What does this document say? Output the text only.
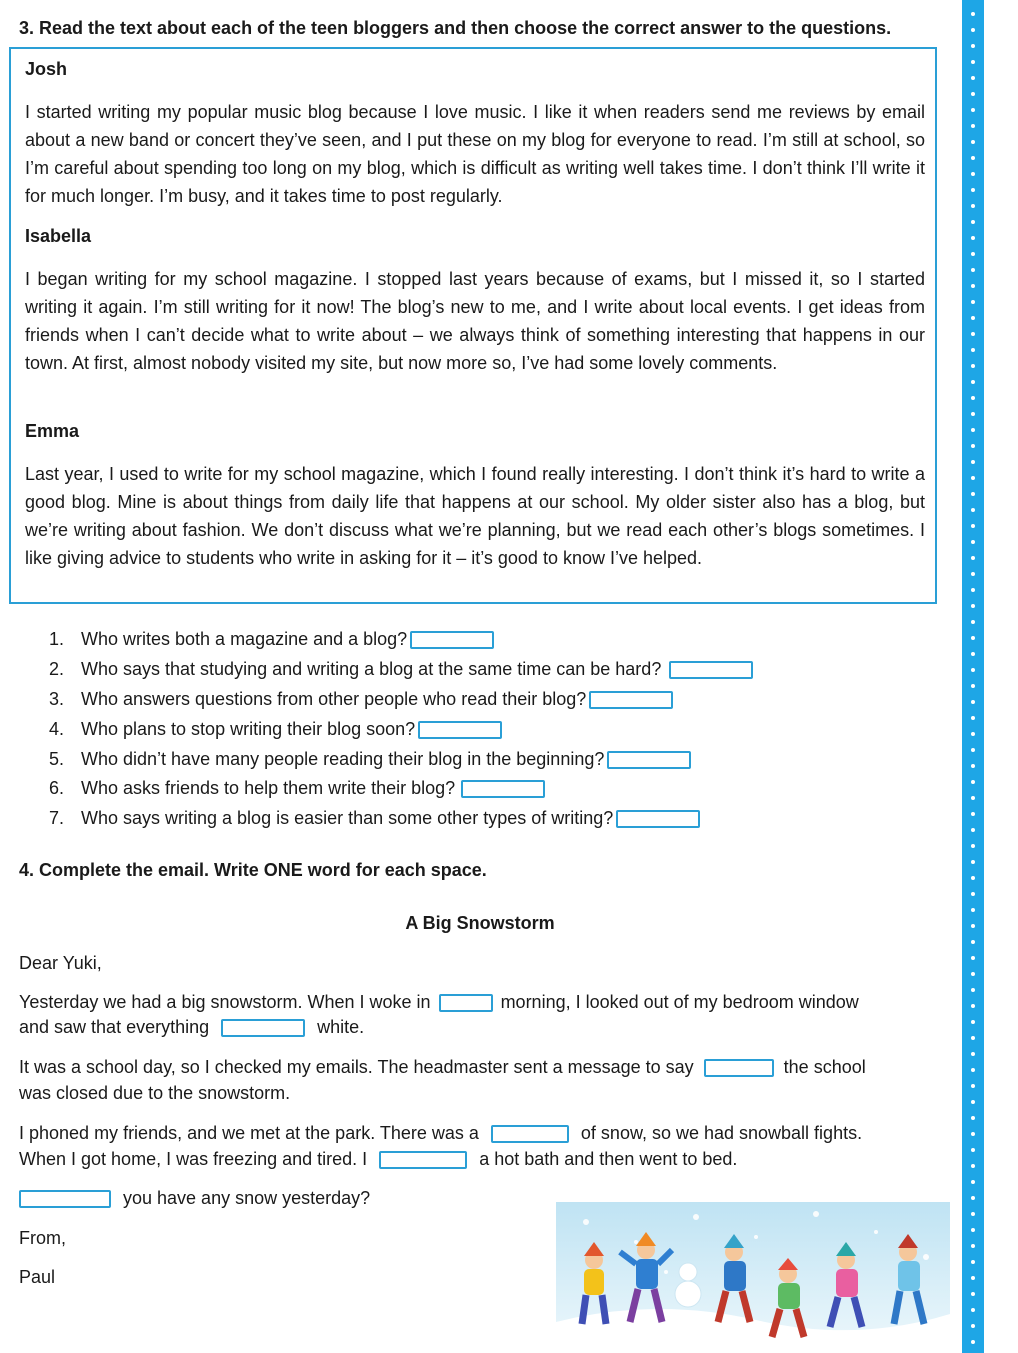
3. Read the text about each of the teen bloggers and then choose the correct answer to the questions.
Josh

I started writing my popular music blog because I love music. I like it when readers send me reviews by email about a new band or concert they’ve seen, and I put these on my blog for everyone to read. I’m still at school, so I’m careful about spending too long on my blog, which is difficult as writing well takes time. I don’t think I’ll write it for much longer. I’m busy, and it takes time to post regularly.

Isabella

I began writing for my school magazine. I stopped last years because of exams, but I missed it, so I started writing it again. I’m still writing for it now! The blog’s new to me, and I write about local events. I get ideas from friends when I can’t decide what to write about – we always think of something interesting that happens in our town. At first, almost nobody visited my site, but now more so, I’ve had some lovely comments.

Emma

Last year, I used to write for my school magazine, which I found really interesting. I don’t think it’s hard to write a good blog. Mine is about things from daily life that happens at our school. My older sister also has a blog, but we’re writing about fashion. We don’t discuss what we’re planning, but we read each other’s blogs sometimes. I like giving advice to students who write in asking for it – it’s good to know I’ve helped.

1. Who writes both a magazine and a blog?
2. Who says that studying and writing a blog at the same time can be hard?
3. Who answers questions from other people who read their blog?
4. Who plans to stop writing their blog soon?
5. Who didn’t have many people reading their blog in the beginning?
6. Who asks friends to help them write their blog?
7. Who says writing a blog is easier than some other types of writing?
4. Complete the email. Write ONE word for each space.
A Big Snowstorm
Dear Yuki,
Yesterday we had a big snowstorm. When I woke in	morning, I looked out of my bedroom window
and saw that everything	white.
It was a school day, so I checked my emails. The headmaster sent a message to say	the school
was closed due to the snowstorm.
I phoned my friends, and we met at the park. There was a	of snow, so we had snowball fights.
When I got home, I was freezing and tired. I	a hot bath and then went to bed.
you have any snow yesterday?
From,
Paul
